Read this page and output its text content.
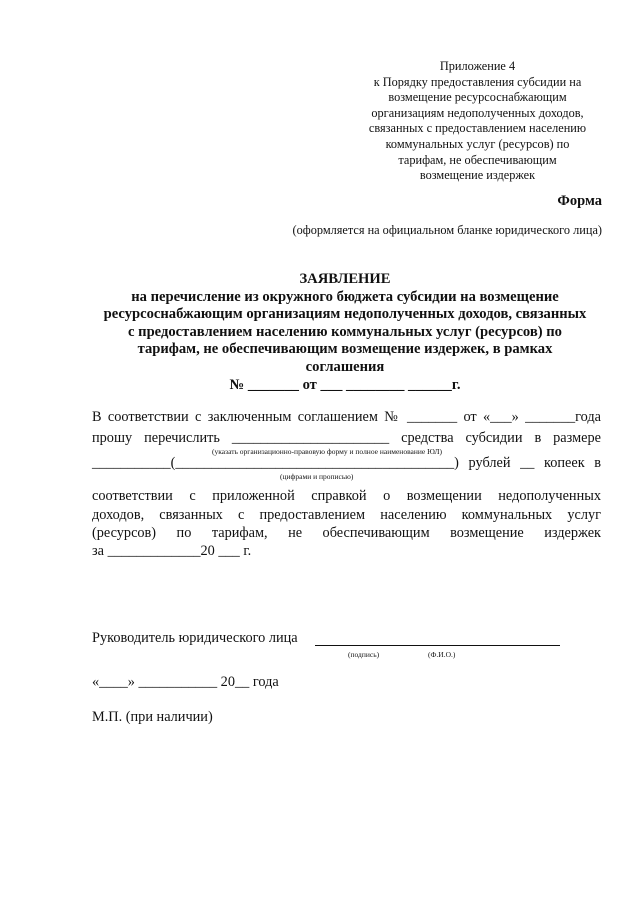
Приложение 4
к Порядку предоставления субсидии на
возмещение ресурсоснабжающим
организациям недополученных доходов,
связанных с предоставлением населению
коммунальных услуг (ресурсов) по
тарифам, не обеспечивающим
возмещение издержек
Форма
(оформляется на официальном бланке юридического лица)
ЗАЯВЛЕНИЕ
на перечисление из окружного бюджета субсидии на возмещение
ресурсоснабжающим организациям недополученных доходов, связанных
с предоставлением населению коммунальных услуг (ресурсов) по
тарифам, не обеспечивающим возмещение издержек, в рамках
соглашения
№ _______ от ___ ________ ______г.
В соответствии с заключенным соглашением № _______ от «___» _______года
прошу перечислить ______________________ средства субсидии в размере
(указать организационно-правовую форму и полное наименование ЮЛ)
___________(_______________________________________) рублей __ копеек в
(цифрами и прописью)
соответствии с приложенной справкой о возмещении недополученных
доходов, связанных с предоставлением населению коммунальных услуг
(ресурсов) по тарифам, не обеспечивающим возмещение издержек
за _____________20 ___ г.
Руководитель юридического лица
(подпись)	(Ф.И.О.)
«____» ___________ 20__ года
М.П. (при наличии)
